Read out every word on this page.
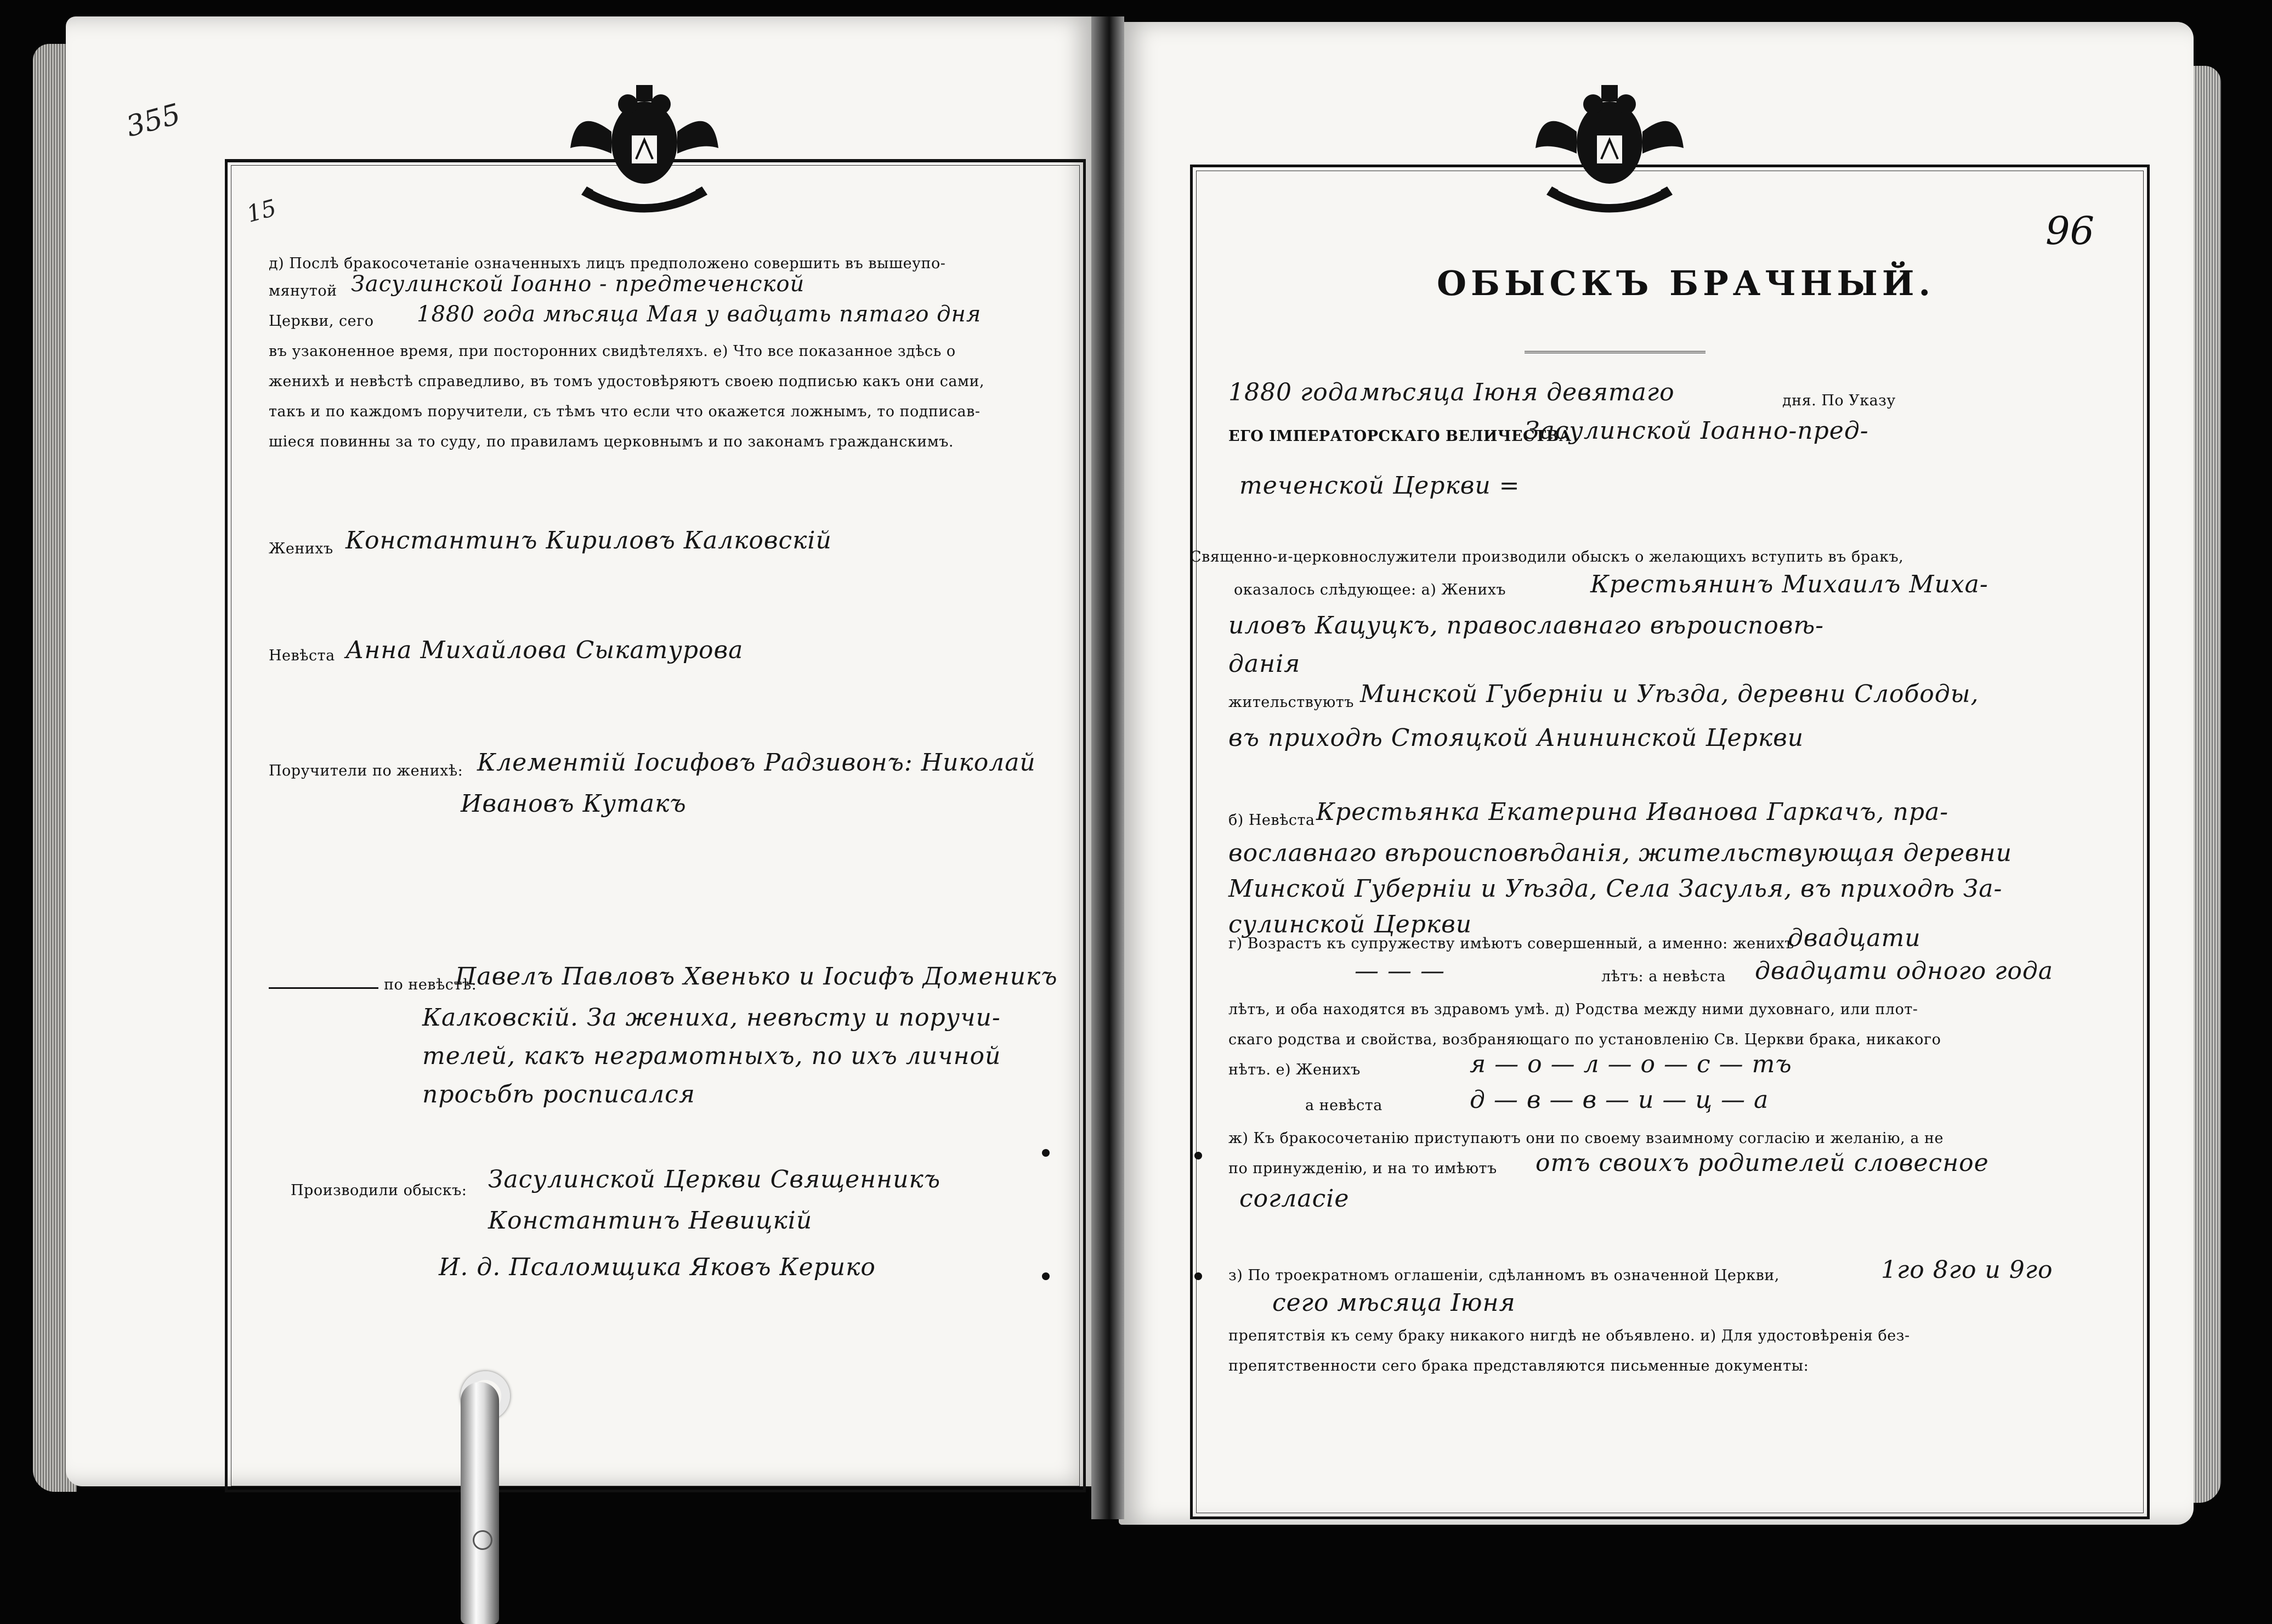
355
15
д) Послѣ бракосочетаніе означенныхъ лицъ предположено совершить въ вышеупо-
мянутой Засулинской Іоанно - предтеченской
Церкви, сего 1880 года мѣсяца Мая у вадцать пятаго дня
въ узаконенное время, при посторонних свидѣтеляхъ. е) Что все показанное здѣсь о
женихѣ и невѣстѣ справедливо, въ томъ удостовѣряютъ своею подписью какъ они сами,
такъ и по каждомъ поручители, съ тѣмъ что если что окажется ложнымъ, то подписав-
шіеся повинны за то суду, по правиламъ церковнымъ и по законамъ гражданскимъ.
Женихъ Константинъ Кириловъ Калковскій
Невѣста Анна Михайлова Сыкатурова
Поручители по женихѣ: Клементій Іосифовъ Радзивонъ: Николай
Ивановъ Кутакъ
по невѣстѣ:
Павелъ Павловъ Хвенько и Іосифъ Доменикъ
Калковскій. За жениха, невѣсту и поручи-
телей, какъ неграмотныхъ, по ихъ личной
просьбѣ росписался
Производили обыскъ: Засулинской Церкви Священникъ
Константинъ Невицкій
И. д. Псаломщика Яковъ Керико
96
ОБЫСКЪ БРАЧНЫЙ.
1880 года мѣсяца Іюня девятаго	дня. По Указу
ЕГО ІМПЕРАТОРСКАГО ВЕЛИЧЕСТВА
Засулинской Іоанно-пред-
теченской Церкви =
Священно-и-церковнослужители производили обыскъ о желающихъ вступить въ бракъ,
оказалось слѣдующее: а) Женихъ	Крестьянинъ Михаилъ Миха-
иловъ Кацуцкъ, православнаго вѣроисповѣ-
данія
жительствуютъ Минской Губерніи и Уѣзда, деревни Слободы,
въ приходѣ Стояцкой Анининской Церкви
б) Невѣста Крестьянка Екатерина Иванова Гаркачъ, пра-
вославнаго вѣроисповѣданія, жительствующая деревни
Минской Губерніи и Уѣзда, Села Засулья, въ приходѣ За-
сулинской Церкви
г) Возрастъ къ супружеству имѣютъ совершенный, а именно: женихъ
двадцати
— — —	лѣтъ: а невѣста двадцати одного года
лѣтъ, и оба находятся въ здравомъ умѣ. д) Родства между ними духовнаго, или плот-
скаго родства и свойства, возбраняющаго по установленію Св. Церкви брака, никакого
нѣтъ. е) Женихъ	я — о — л — о — с — тъ
а невѣста	д — в — в — и — ц — а
ж) Къ бракосочетанію приступаютъ они по своему взаимному согласію и желанію, а не
по принужденію, и на то имѣютъ отъ своихъ родителей словесное
согласіе
з) По троекратномъ оглашеніи, сдѣланномъ въ означенной Церкви,	1го 8го и 9го
сего мѣсяца Іюня
препятствія къ сему браку никакого нигдѣ не объявлено. и) Для удостовѣренія без-
препятственности сего брака представляются письменные документы:
